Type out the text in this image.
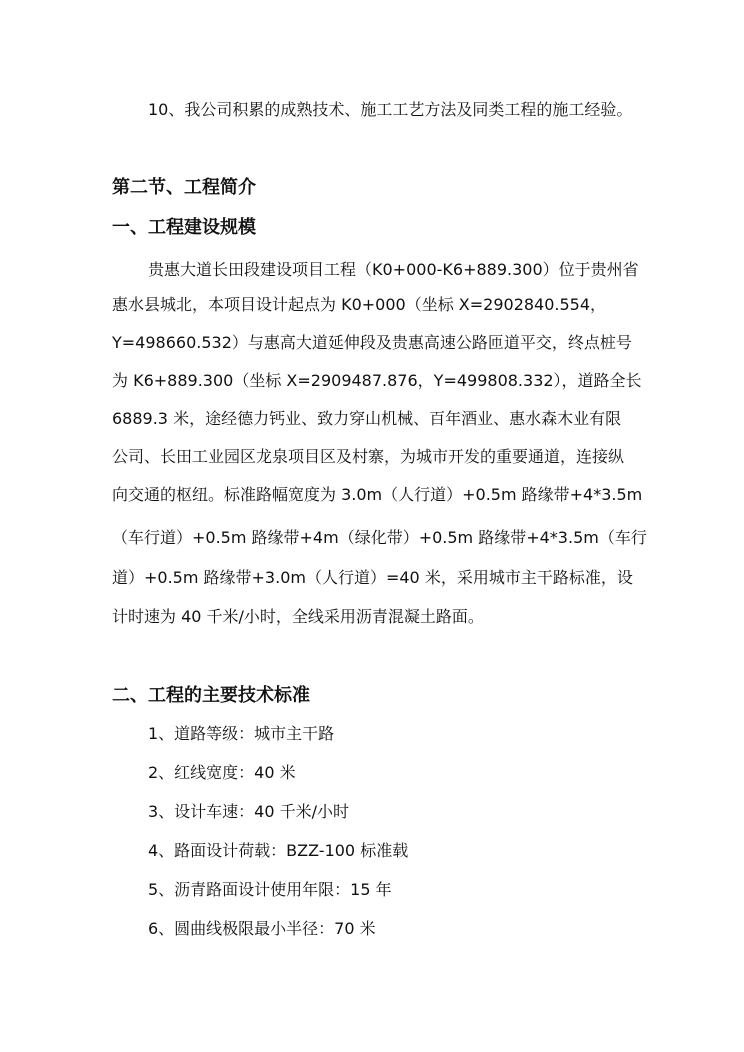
10、我公司积累的成熟技术、施工工艺方法及同类工程的施工经验。
第二节、工程简介
一、工程建设规模
贵惠大道长田段建设项目工程（K0+000-K6+889.300）位于贵州省
惠水县城北，本项目设计起点为 K0+000（坐标 X=2902840.554，
Y=498660.532）与惠高大道延伸段及贵惠高速公路匝道平交，终点桩号
为 K6+889.300（坐标 X=2909487.876，Y=499808.332），道路全长
6889.3 米，途经德力钙业、致力穿山机械、百年酒业、惠水森木业有限
公司、长田工业园区龙泉项目区及村寨，为城市开发的重要通道，连接纵
向交通的枢纽。标准路幅宽度为 3.0m（人行道）+0.5m 路缘带+4*3.5m
（车行道）+0.5m 路缘带+4m（绿化带）+0.5m 路缘带+4*3.5m（车行
道）+0.5m 路缘带+3.0m（人行道）=40 米，采用城市主干路标准，设
计时速为 40 千米/小时，全线采用沥青混凝土路面。
二、工程的主要技术标准
1、道路等级：城市主干路
2、红线宽度：40 米
3、设计车速：40 千米/小时
4、路面设计荷载：BZZ-100 标准载
5、沥青路面设计使用年限：15 年
6、圆曲线极限最小半径：70 米
